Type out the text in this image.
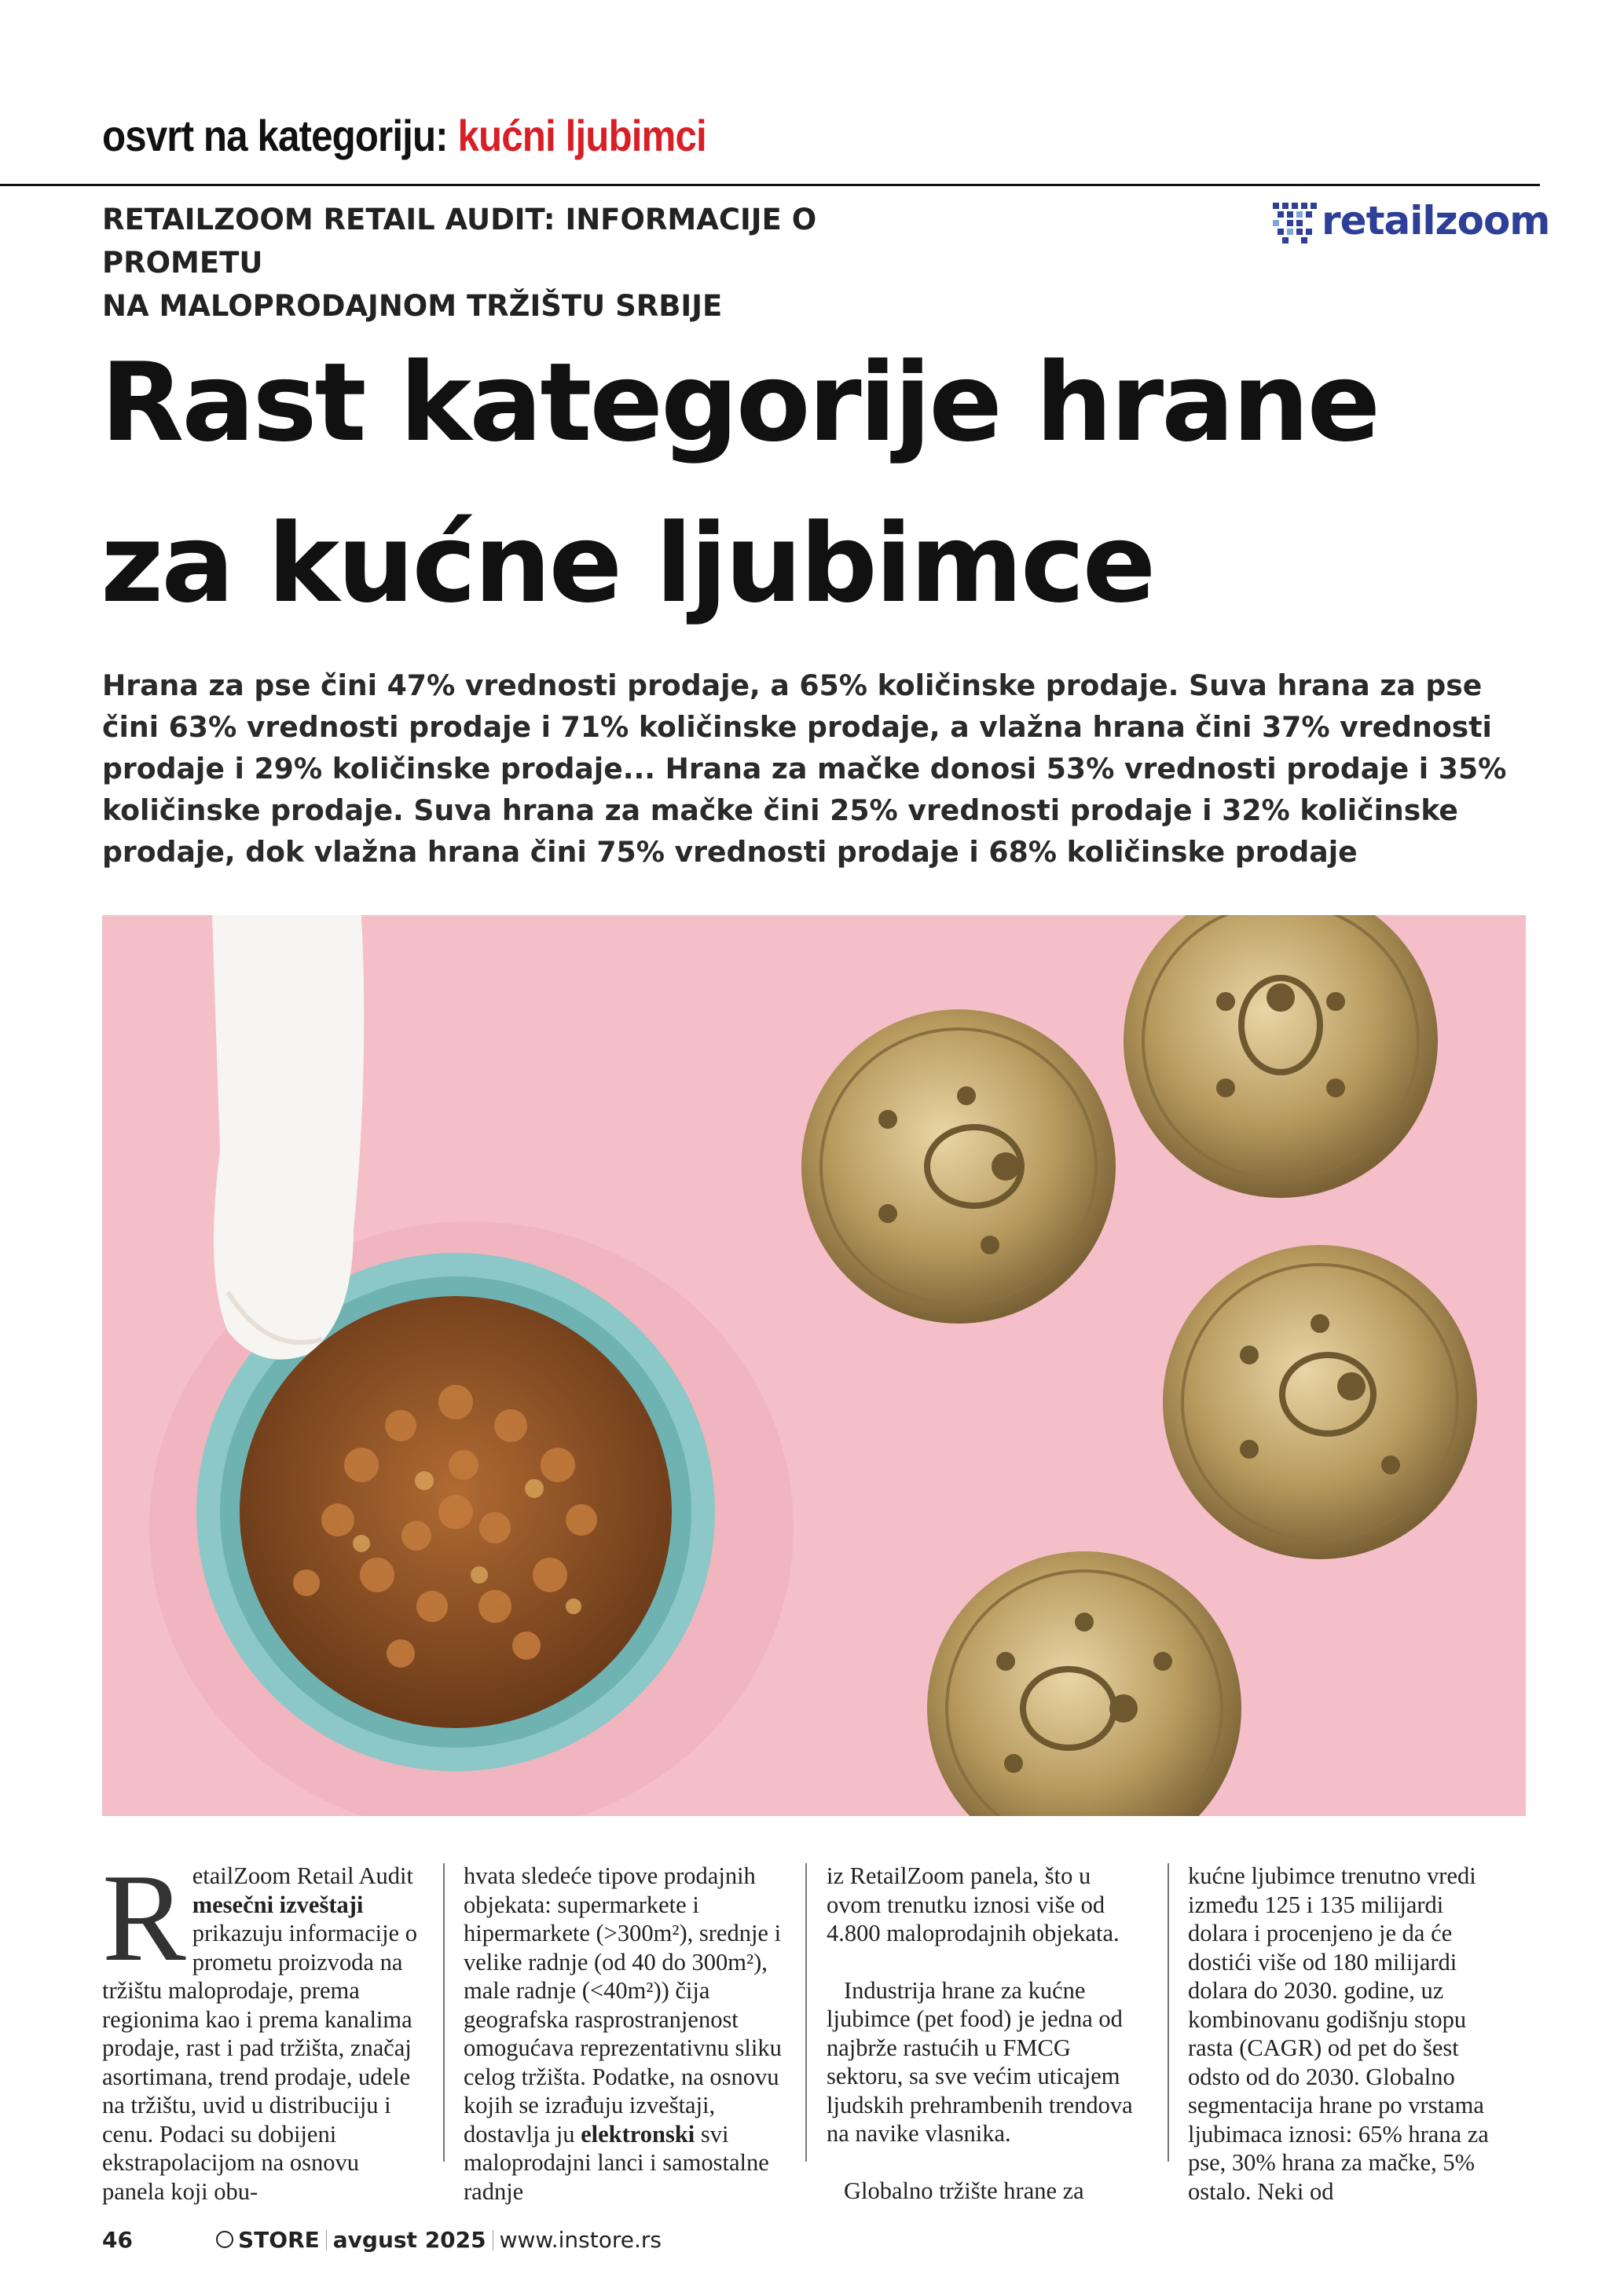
osvrt na kategoriju: kućni ljubimci
RETAILZOOM RETAIL AUDIT: INFORMACIJE O PROMETU
NA MALOPRODAJNOM TRŽIŠTU SRBIJE
retailzoom
Rast kategorije hrane
za kućne ljubimce
Hrana za pse čini 47% vrednosti prodaje, a 65% količinske prodaje. Suva hrana za pse čini 63% vrednosti prodaje i 71% količinske prodaje, a vlažna hrana čini 37% vrednosti prodaje i 29% količinske prodaje... Hrana za mačke donosi 53% vrednosti prodaje i 35% količinske prodaje. Suva hrana za mačke čini 25% vrednosti prodaje i 32% količinske prodaje, dok vlažna hrana čini 75% vrednosti prodaje i 68% količinske prodaje

RetailZoom Retail Audit mesečni izveštaji prikazuju informacije o prometu proizvoda na tržištu maloprodaje, prema regionima kao i prema kanalima prodaje, rast i pad tržišta, značaj asortimana, trend prodaje, udele na tržištu, uvid u distribuciju i cenu. Podaci su dobijeni ekstrapolacijom na osnovu panela koji obu-

hvata sledeće tipove prodajnih objekata: supermarkete i hipermarkete (>300m²), srednje i velike radnje (od 40 do 300m²), male radnje (<40m²)) čija geografska rasprostranjenost omogućava reprezentativnu sliku celog tržišta. Podatke, na osnovu kojih se izrađuju izveštaji, dostavlja ju elektronski svi maloprodajni lanci i samostalne radnje

iz RetailZoom panela, što u ovom trenutku iznosi više od 4.800 maloprodajnih objekata.

Industrija hrane za kućne ljubimce (pet food) je jedna od najbrže rastućih u FMCG sektoru, sa sve većim uticajem ljudskih prehrambenih trendova na navike vlasnika.

Globalno tržište hrane za

kućne ljubimce trenutno vredi između 125 i 135 milijardi dolara i procenjeno je da će dostići više od 180 milijardi dolara do 2030. godine, uz kombinovanu godišnju stopu rasta (CAGR) od pet do šest odsto od do 2030. Globalno segmentacija hrane po vrstama ljubimaca iznosi: 65% hrana za pse, 30% hrana za mačke, 5% ostalo. Neki od

46	STORE avgust 2025 www.instore.rs
